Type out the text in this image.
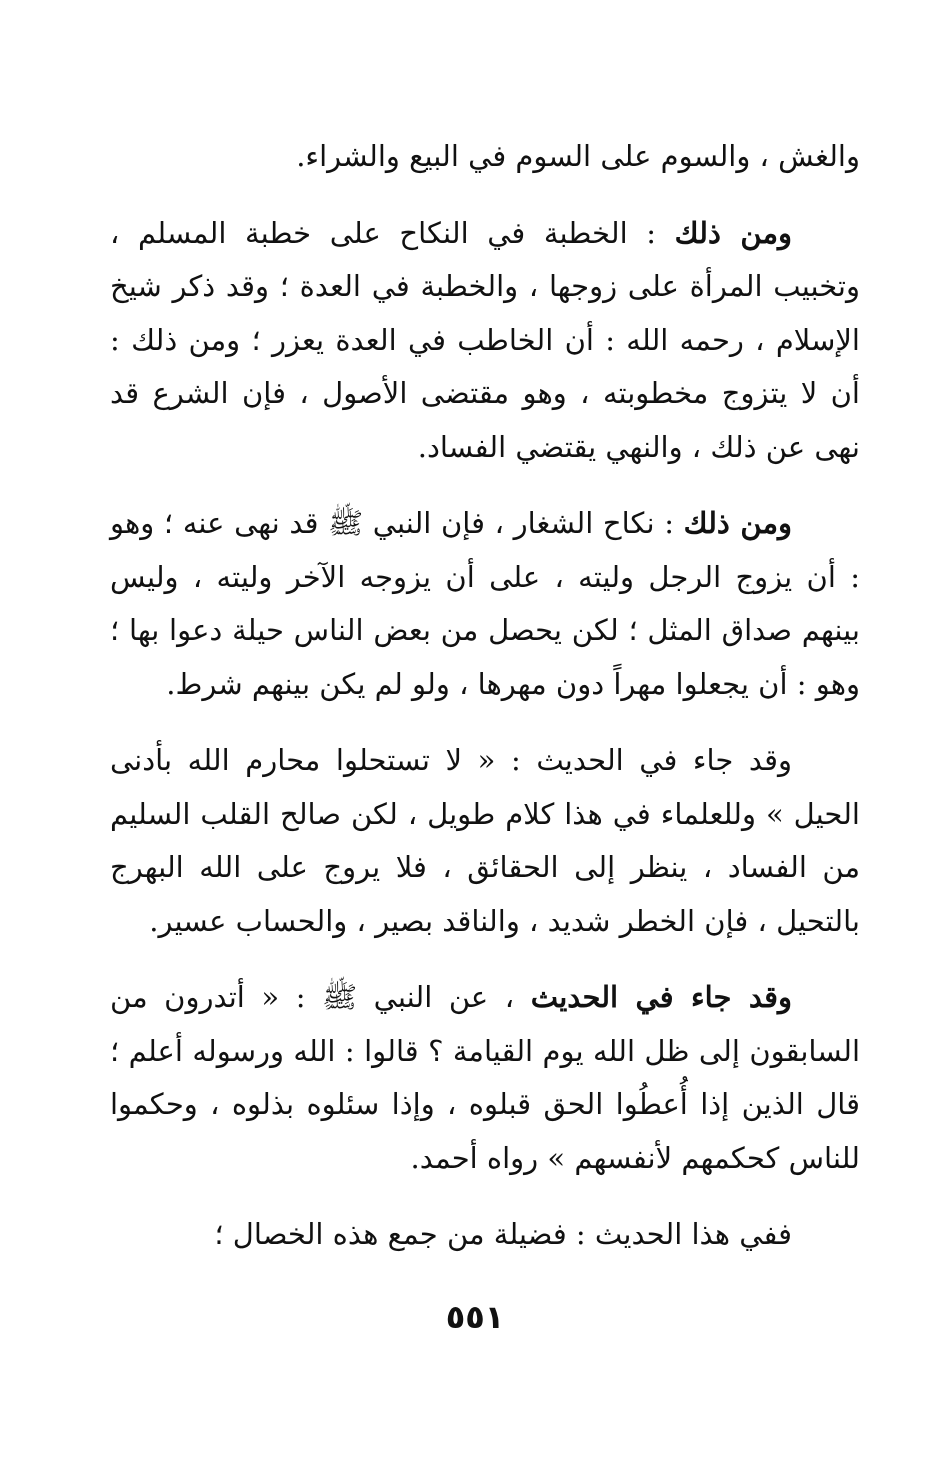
والغش ، والسوم على السوم في البيع والشراء.

ومن ذلك : الخطبة في النكاح على خطبة المسلم ، وتخبيب المرأة على زوجها ، والخطبة في العدة ؛ وقد ذكر شيخ الإسلام ، رحمه الله : أن الخاطب في العدة يعزر ؛ ومن ذلك : أن لا يتزوج مخطوبته ، وهو مقتضى الأصول ، فإن الشرع قد نهى عن ذلك ، والنهي يقتضي الفساد.

ومن ذلك : نكاح الشغار ، فإن النبي ﷺ قد نهى عنه ؛ وهو : أن يزوج الرجل وليته ، على أن يزوجه الآخر وليته ، وليس بينهم صداق المثل ؛ لكن يحصل من بعض الناس حيلة دعوا بها ؛ وهو : أن يجعلوا مهراً دون مهرها ، ولو لم يكن بينهم شرط.

وقد جاء في الحديث : « لا تستحلوا محارم الله بأدنى الحيل » وللعلماء في هذا كلام طويل ، لكن صالح القلب السليم من الفساد ، ينظر إلى الحقائق ، فلا يروج على الله البهرج بالتحيل ، فإن الخطر شديد ، والناقد بصير ، والحساب عسير.

وقد جاء في الحديث ، عن النبي ﷺ : « أتدرون من السابقون إلى ظل الله يوم القيامة ؟ قالوا : الله ورسوله أعلم ؛ قال الذين إذا أُعطُوا الحق قبلوه ، وإذا سئلوه بذلوه ، وحكموا للناس كحكمهم لأنفسهم » رواه أحمد.

ففي هذا الحديث : فضيلة من جمع هذه الخصال ؛

٥٥١
